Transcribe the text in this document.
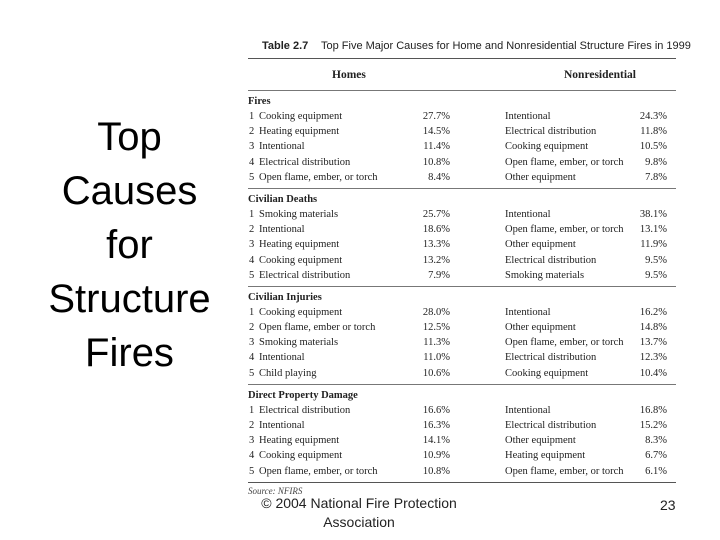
Top
Causes
for
Structure
Fires
Table 2.7 Top Five Major Causes for Home and Nonresidential Structure Fires in 1999
Homes	Nonresidential
Fires
1 Cooking equipment	27.7%	Intentional	24.3%
2 Heating equipment	14.5%	Electrical distribution	11.8%
3 Intentional	11.4%	Cooking equipment	10.5%
4 Electrical distribution	10.8%	Open flame, ember, or torch 9.8%
5 Open flame, ember, or torch	8.4%	Other equipment	7.8%
Civilian Deaths
1 Smoking materials	25.7%	Intentional	38.1%
2 Intentional	18.6%	Open flame, ember, or torch 13.1%
3 Heating equipment	13.3%	Other equipment	11.9%
4 Cooking equipment	13.2%	Electrical distribution	9.5%
5 Electrical distribution	7.9%	Smoking materials	9.5%
Civilian Injuries
1 Cooking equipment	28.0%	Intentional	16.2%
2 Open flame, ember or torch	12.5%	Other equipment	14.8%
3 Smoking materials	11.3%	Open flame, ember, or torch 13.7%
4 Intentional	11.0%	Electrical distribution	12.3%
5 Child playing	10.6%	Cooking equipment	10.4%
Direct Property Damage
1 Electrical distribution	16.6%	Intentional	16.8%
2 Intentional	16.3%	Electrical distribution	15.2%
3 Heating equipment	14.1%	Other equipment	8.3%
4 Cooking equipment	10.9%	Heating equipment	6.7%
5 Open flame, ember, or torch	10.8%	Open flame, ember, or torch 6.1%
Source: NFIRS
© 2004 National Fire Protection
Association
23
